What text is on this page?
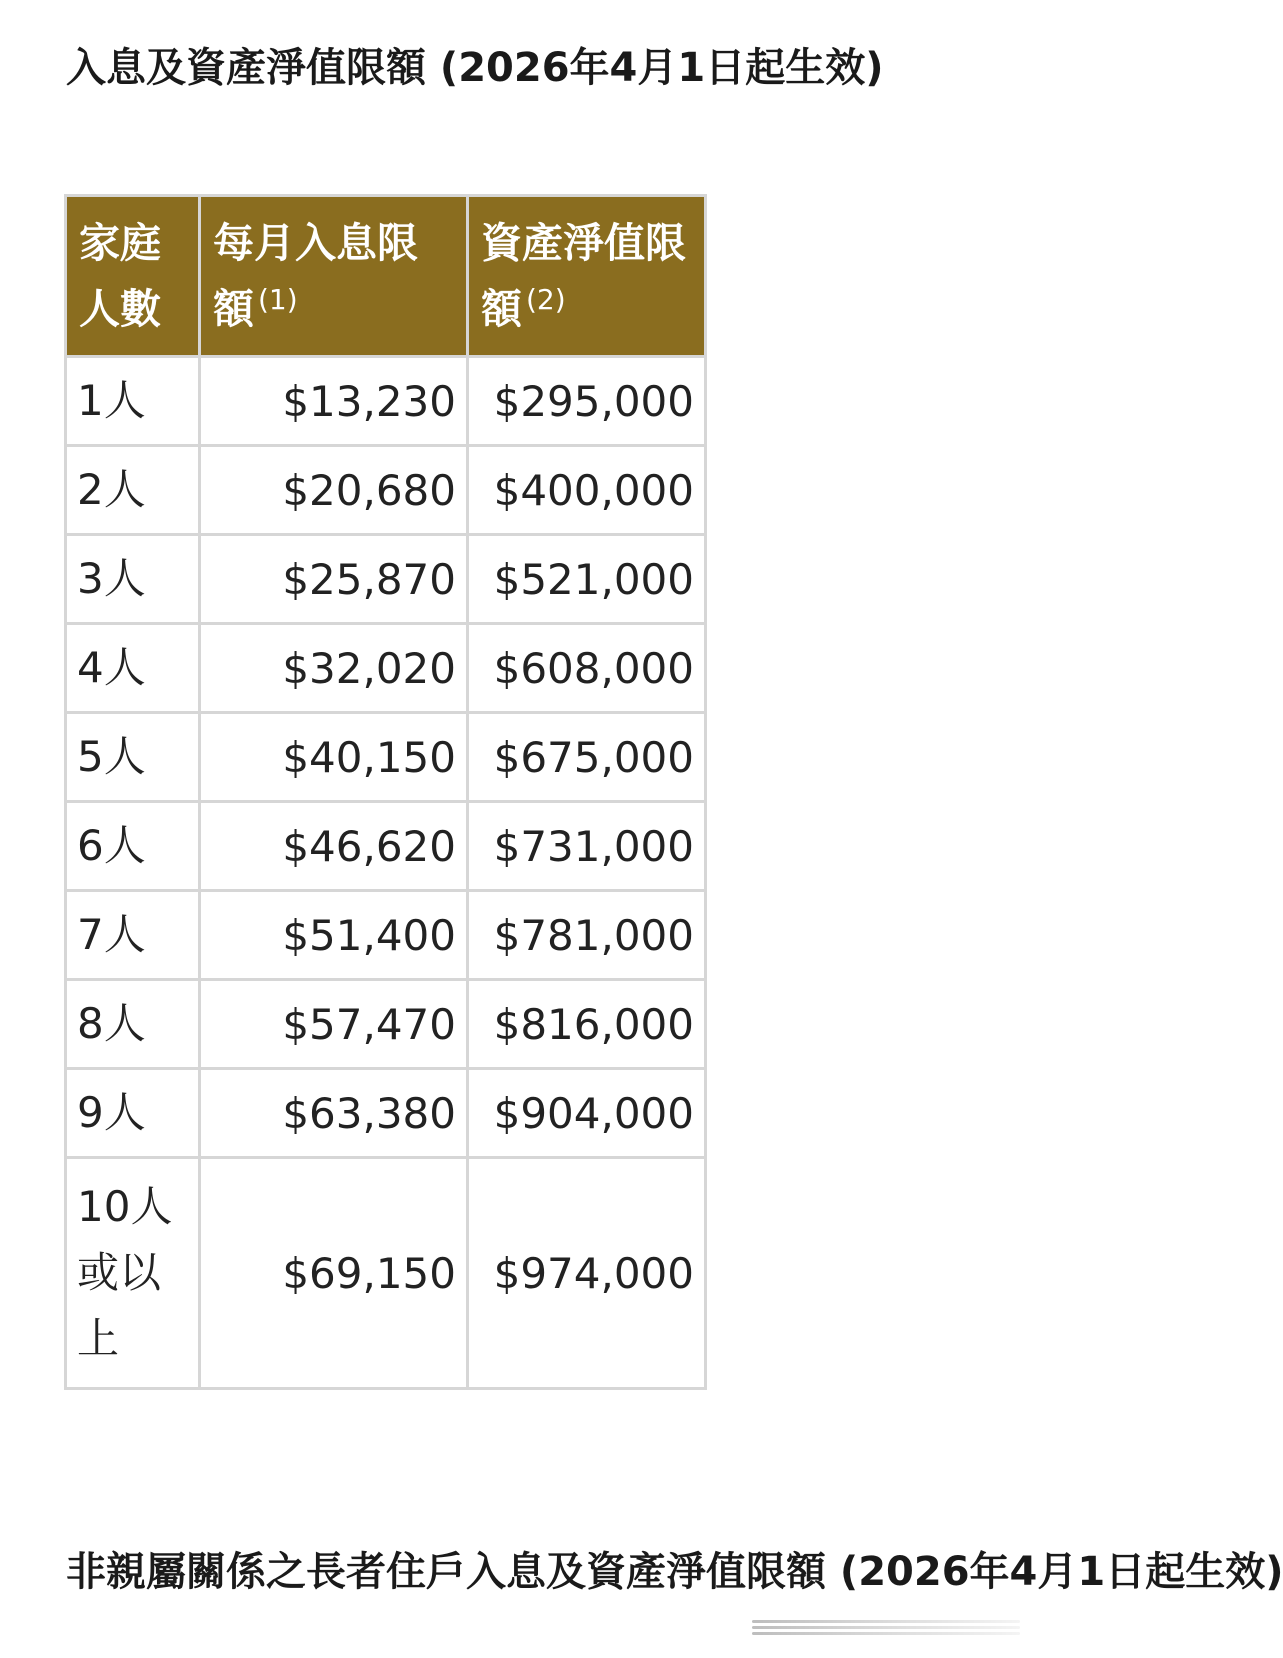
入息及資產淨值限額 (2026年4月1日起生效)
家庭人數	每月入息限額 $^{(1)}$	資產淨值限額 $^{(2)}$
1人	$13,230	$295,000
2人	$20,680	$400,000
3人	$25,870	$521,000
4人	$32,020	$608,000
5人	$40,150	$675,000
6人	$46,620	$731,000
7人	$51,400	$781,000
8人	$57,470	$816,000
9人	$63,380	$904,000
10人或以上	$69,150	$974,000
非親屬關係之長者住戶入息及資產淨值限額 (2026年4月1日起生效)
